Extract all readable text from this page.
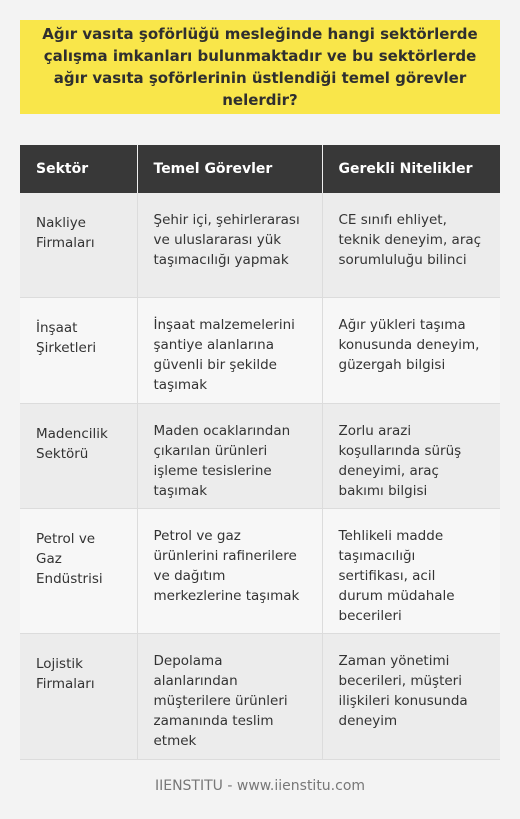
Ağır vasıta şoförlüğü mesleğinde hangi sektörlerde çalışma imkanları bulunmaktadır ve bu sektörlerde ağır vasıta şoförlerinin üstlendiği temel görevler nelerdir?
Sektör	Temel Görevler	Gerekli Nitelikler
Nakliye Firmaları	Şehir içi, şehirlerarası ve uluslararası yük taşımacılığı yapmak	CE sınıfı ehliyet, teknik deneyim, araç sorumluluğu bilinci
İnşaat Şirketleri	İnşaat malzemelerini şantiye alanlarına güvenli bir şekilde taşımak	Ağır yükleri taşıma konusunda deneyim, güzergah bilgisi
Madencilik Sektörü	Maden ocaklarından çıkarılan ürünleri işleme tesislerine taşımak	Zorlu arazi koşullarında sürüş deneyimi, araç bakımı bilgisi
Petrol ve Gaz Endüstrisi	Petrol ve gaz ürünlerini rafinerilere ve dağıtım merkezlerine taşımak	Tehlikeli madde taşımacılığı sertifikası, acil durum müdahale becerileri
Lojistik Firmaları	Depolama alanlarından müşterilere ürünleri zamanında teslim etmek	Zaman yönetimi becerileri, müşteri ilişkileri konusunda deneyim
IIENSTITU - www.iienstitu.com
